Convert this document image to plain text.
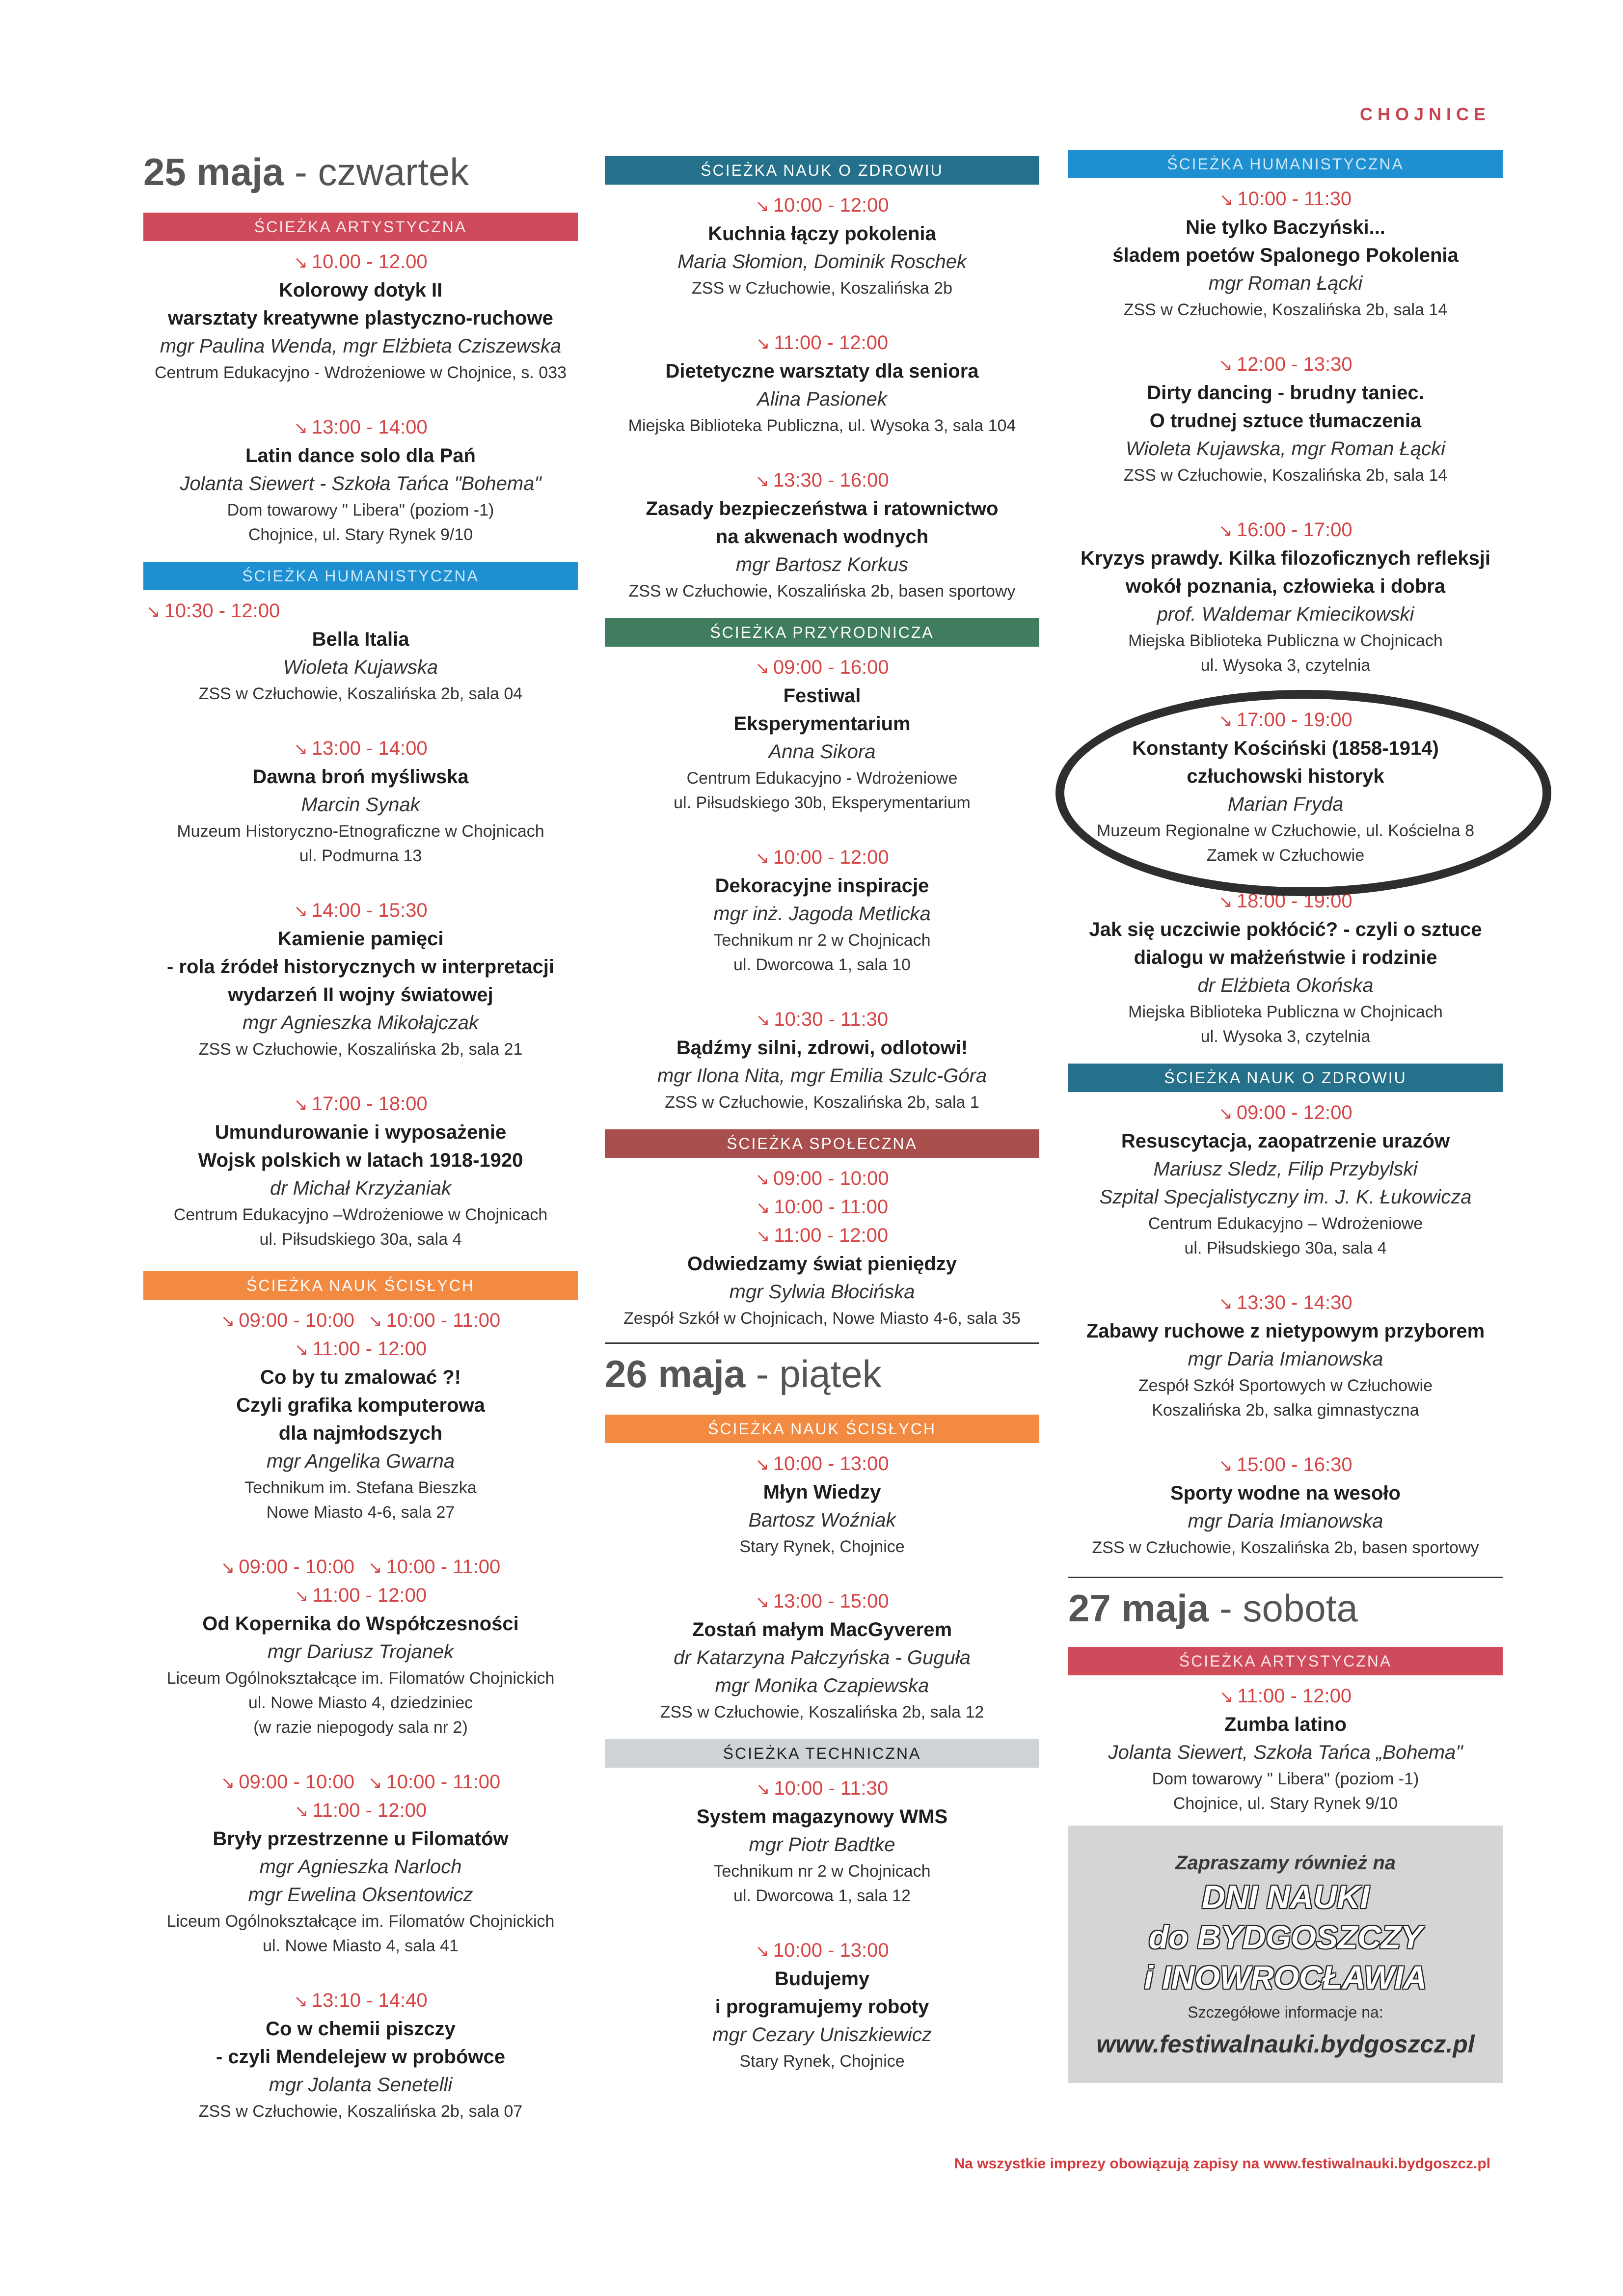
CHOJNICE
25 maja - czwartek
ŚCIEŻKA ARTYSTYCZNA
↘ 10.00 - 12.00
Kolorowy dotyk II
warsztaty kreatywne plastyczno-ruchowe
mgr Paulina Wenda, mgr Elżbieta Cziszewska
Centrum Edukacyjno - Wdrożeniowe w Chojnice, s. 033
↘ 13:00 - 14:00
Latin dance solo dla Pań
Jolanta Siewert - Szkoła Tańca "Bohema"
Dom towarowy " Libera" (poziom -1)
Chojnice, ul. Stary Rynek 9/10
ŚCIEŻKA HUMANISTYCZNA
↘ 10:30 - 12:00
Bella Italia
Wioleta Kujawska
ZSS w Człuchowie, Koszalińska 2b, sala 04
↘ 13:00 - 14:00
Dawna broń myśliwska
Marcin Synak
Muzeum Historyczno-Etnograficzne w Chojnicach
ul. Podmurna 13
↘ 14:00 - 15:30
Kamienie pamięci
- rola źródeł historycznych w interpretacji
wydarzeń II wojny światowej
mgr Agnieszka Mikołajczak
ZSS w Człuchowie, Koszalińska 2b, sala 21
↘ 17:00 - 18:00
Umundurowanie i wyposażenie
Wojsk polskich w latach 1918-1920
dr Michał Krzyżaniak
Centrum Edukacyjno –Wdrożeniowe w Chojnicach
ul. Piłsudskiego 30a, sala 4
ŚCIEŻKA NAUK ŚCISŁYCH
↘ 09:00 - 10:00 ↘ 10:00 - 11:00
↘ 11:00 - 12:00
Co by tu zmalować ?!
Czyli grafika komputerowa
dla najmłodszych
mgr Angelika Gwarna
Technikum im. Stefana Bieszka
Nowe Miasto 4-6, sala 27
↘ 09:00 - 10:00 ↘ 10:00 - 11:00
↘ 11:00 - 12:00
Od Kopernika do Współczesności
mgr Dariusz Trojanek
Liceum Ogólnokształcące im. Filomatów Chojnickich
ul. Nowe Miasto 4, dziedziniec
(w razie niepogody sala nr 2)
↘ 09:00 - 10:00 ↘ 10:00 - 11:00
↘ 11:00 - 12:00
Bryły przestrzenne u Filomatów
mgr Agnieszka Narloch
mgr Ewelina Oksentowicz
Liceum Ogólnokształcące im. Filomatów Chojnickich
ul. Nowe Miasto 4, sala 41
↘ 13:10 - 14:40
Co w chemii piszczy
- czyli Mendelejew w probówce
mgr Jolanta Senetelli
ZSS w Człuchowie, Koszalińska 2b, sala 07
ŚCIEŻKA NAUK O ZDROWIU
↘ 10:00 - 12:00
Kuchnia łączy pokolenia
Maria Słomion, Dominik Roschek
ZSS w Człuchowie, Koszalińska 2b
↘ 11:00 - 12:00
Dietetyczne warsztaty dla seniora
Alina Pasionek
Miejska Biblioteka Publiczna, ul. Wysoka 3, sala 104
↘ 13:30 - 16:00
Zasady bezpieczeństwa i ratownictwo
na akwenach wodnych
mgr Bartosz Korkus
ZSS w Człuchowie, Koszalińska 2b, basen sportowy
ŚCIEŻKA PRZYRODNICZA
↘ 09:00 - 16:00
Festiwal
Eksperymentarium
Anna Sikora
Centrum Edukacyjno - Wdrożeniowe
ul. Piłsudskiego 30b, Eksperymentarium
↘ 10:00 - 12:00
Dekoracyjne inspiracje
mgr inż. Jagoda Metlicka
Technikum nr 2 w Chojnicach
ul. Dworcowa 1, sala 10
↘ 10:30 - 11:30
Bądźmy silni, zdrowi, odlotowi!
mgr Ilona Nita, mgr Emilia Szulc-Góra
ZSS w Człuchowie, Koszalińska 2b, sala 1
ŚCIEŻKA SPOŁECZNA
↘ 09:00 - 10:00
↘ 10:00 - 11:00
↘ 11:00 - 12:00
Odwiedzamy świat pieniędzy
mgr Sylwia Błocińska
Zespół Szkół w Chojnicach, Nowe Miasto 4-6, sala 35
26 maja - piątek
ŚCIEŻKA NAUK ŚCISŁYCH
↘ 10:00 - 13:00
Młyn Wiedzy
Bartosz Woźniak
Stary Rynek, Chojnice
↘ 13:00 - 15:00
Zostań małym MacGyverem
dr Katarzyna Pałczyńska - Guguła
mgr Monika Czapiewska
ZSS w Człuchowie, Koszalińska 2b, sala 12
ŚCIEŻKA TECHNICZNA
↘ 10:00 - 11:30
System magazynowy WMS
mgr Piotr Badtke
Technikum nr 2 w Chojnicach
ul. Dworcowa 1, sala 12
↘ 10:00 - 13:00
Budujemy
i programujemy roboty
mgr Cezary Uniszkiewicz
Stary Rynek, Chojnice
ŚCIEŻKA HUMANISTYCZNA
↘ 10:00 - 11:30
Nie tylko Baczyński...
śladem poetów Spalonego Pokolenia
mgr Roman Łącki
ZSS w Człuchowie, Koszalińska 2b, sala 14
↘ 12:00 - 13:30
Dirty dancing - brudny taniec.
O trudnej sztuce tłumaczenia
Wioleta Kujawska, mgr Roman Łącki
ZSS w Człuchowie, Koszalińska 2b, sala 14
↘ 16:00 - 17:00
Kryzys prawdy. Kilka filozoficznych refleksji
wokół poznania, człowieka i dobra
prof. Waldemar Kmiecikowski
Miejska Biblioteka Publiczna w Chojnicach
ul. Wysoka 3, czytelnia
↘ 17:00 - 19:00
Konstanty Kościński (1858-1914)
człuchowski historyk
Marian Fryda
Muzeum Regionalne w Człuchowie, ul. Kościelna 8
Zamek w Człuchowie
↘ 18:00 - 19:00
Jak się uczciwie pokłócić? - czyli o sztuce
dialogu w małżeństwie i rodzinie
dr Elżbieta Okońska
Miejska Biblioteka Publiczna w Chojnicach
ul. Wysoka 3, czytelnia
ŚCIEŻKA NAUK O ZDROWIU
↘ 09:00 - 12:00
Resuscytacja, zaopatrzenie urazów
Mariusz Sledz, Filip Przybylski
Szpital Specjalistyczny im. J. K. Łukowicza
Centrum Edukacyjno – Wdrożeniowe
ul. Piłsudskiego 30a, sala 4
↘ 13:30 - 14:30
Zabawy ruchowe z nietypowym przyborem
mgr Daria Imianowska
Zespół Szkół Sportowych w Człuchowie
Koszalińska 2b, salka gimnastyczna
↘ 15:00 - 16:30
Sporty wodne na wesoło
mgr Daria Imianowska
ZSS w Człuchowie, Koszalińska 2b, basen sportowy
27 maja - sobota
ŚCIEŻKA ARTYSTYCZNA
↘ 11:00 - 12:00
Zumba latino
Jolanta Siewert, Szkoła Tańca „Bohema"
Dom towarowy " Libera" (poziom -1)
Chojnice, ul. Stary Rynek 9/10
Zapraszamy również na
DNI NAUKI
do BYDGOSZCZY
i INOWROCŁAWIA
Szczegółowe informacje na:
www.festiwalnauki.bydgoszcz.pl
Na wszystkie imprezy obowiązują zapisy na www.festiwalnauki.bydgoszcz.pl
